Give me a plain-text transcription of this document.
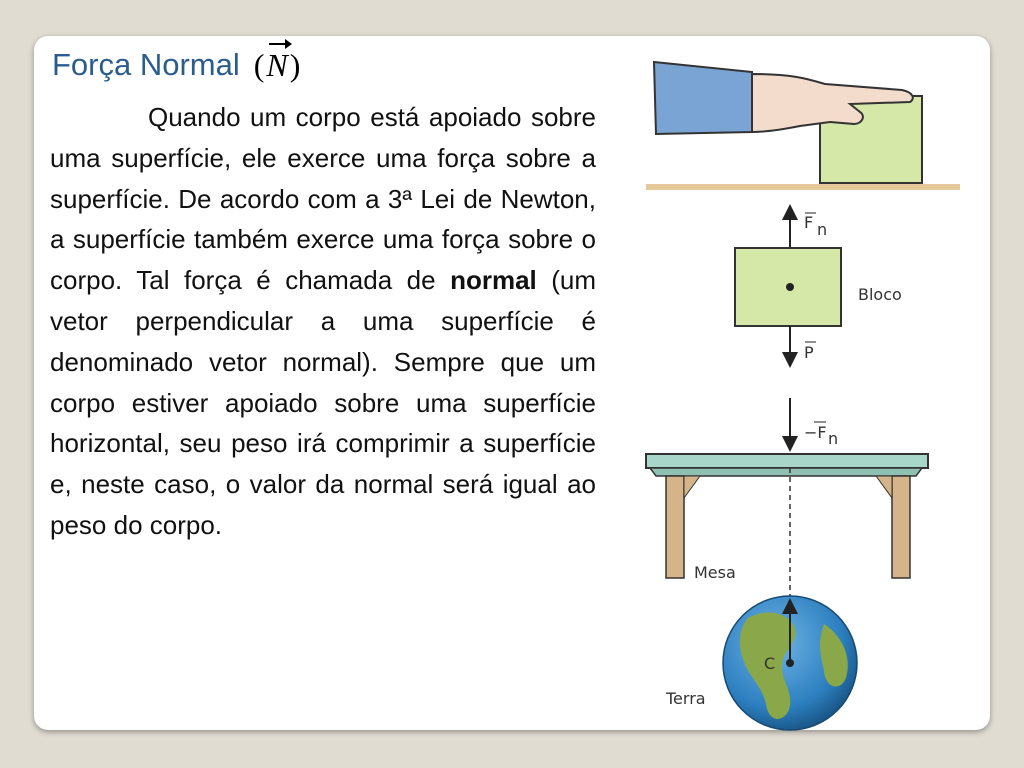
Força Normal ( N )
Quando um corpo está apoiado sobre uma superfície, ele exerce uma força sobre a superfície. De acordo com a 3ª Lei de Newton, a superfície também exerce uma força sobre o corpo. Tal força é chamada de normal (um vetor perpendicular a uma superfície é denominado vetor normal). Sempre que um corpo estiver apoiado sobre uma superfície horizontal, seu peso irá comprimir a superfície e, neste caso, o valor da normal será igual ao peso do corpo.
F n
P
Bloco
−F n
Mesa
C
Terra
